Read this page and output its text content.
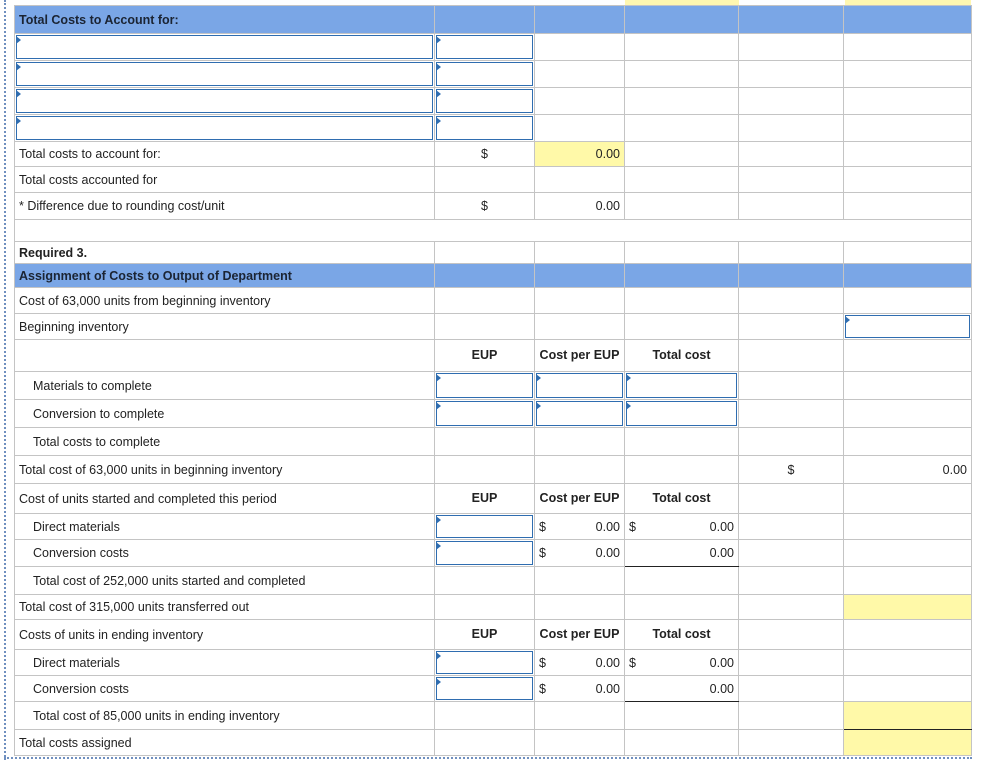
Total Costs to Account for:					

Total costs to account for:	$	0.00			
Total costs accounted for					
* Difference due to rounding cost/unit	$	0.00			

Required 3.					
Assignment of Costs to Output of Department					
Cost of 63,000 units from beginning inventory					
Beginning inventory					
	EUP	Cost per EUP	Total cost		
Materials to complete					
Conversion to complete					
Total costs to complete					
Total cost of 63,000 units in beginning inventory				$	0.00
Cost of units started and completed this period	EUP	Cost per EUP	Total cost		
Direct materials		$ 0.00	$ 0.00		

Conversion costs		$ 0.00	0.00		
Total cost of 252,000 units started and completed					
Total cost of 315,000 units transferred out					
Costs of units in ending inventory	EUP	Cost per EUP	Total cost		
Direct materials		$ 0.00	$ 0.00		

Conversion costs		$ 0.00	0.00		
Total cost of 85,000 units in ending inventory					
Total costs assigned					
